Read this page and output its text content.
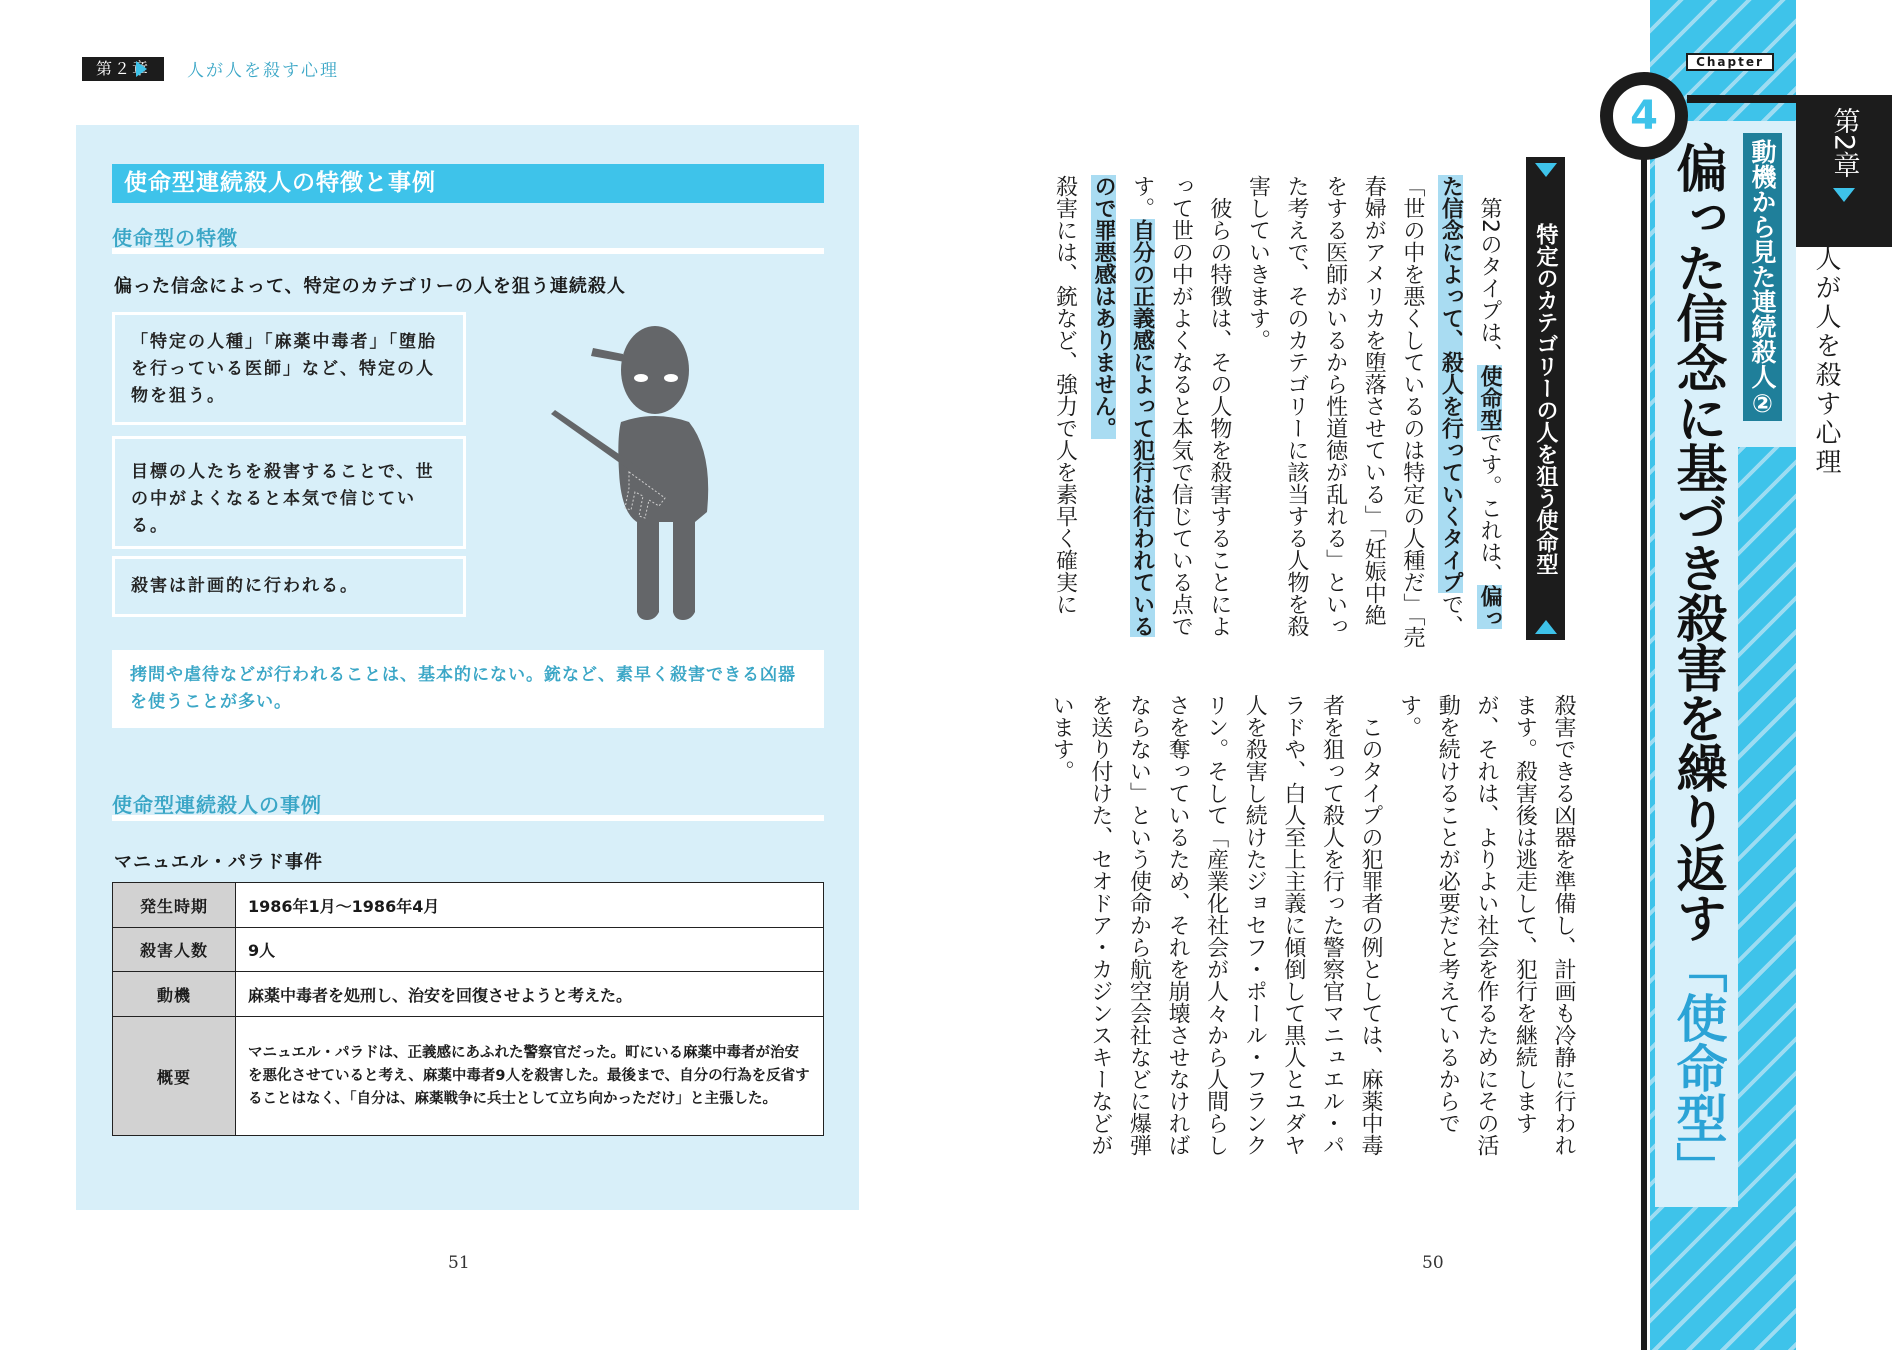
第２章	人が人を殺す心理
使命型連続殺人の特徴と事例
使命型の特徴
偏った信念によって、特定のカテゴリーの人を狙う連続殺人
「特定の人種」「麻薬中毒者」「堕胎を行っている医師」など、特定の人物を狙う。
目標の人たちを殺害することで、世の中がよくなると本気で信じている。
殺害は計画的に行われる。
拷問や虐待などが行われることは、基本的にない。銃など、素早く殺害できる凶器を使うことが多い。
使命型連続殺人の事例
マニュエル・パラド事件
発生時期	1986年1月〜1986年4月
殺害人数	9人
動機	麻薬中毒者を処刑し、治安を回復させようと考えた。
概要	マニュエル・パラドは、正義感にあふれた警察官だった。町にいる麻薬中毒者が治安を悪化させていると考え、麻薬中毒者9人を殺害した。最後まで、自分の行為を反省することはなく、「自分は、麻薬戦争に兵士として立ち向かっただけ」と主張した。
51
特定のカテゴリーの人を狙う使命型
　第2のタイプは、使命型です。これは、偏っ
た信念によって、殺人を行っていくタイプで、
「世の中を悪くしているのは特定の人種だ」「売
春婦がアメリカを堕落させている」「妊娠中絶
をする医師がいるから性道徳が乱れる」といっ
た考えで、そのカテゴリーに該当する人物を殺
害していきます。
　彼らの特徴は、その人物を殺害することによ
って世の中がよくなると本気で信じている点で
す。自分の正義感によって犯行は行われている
ので罪悪感はありません。
殺害には、銃など、強力で人を素早く確実に
殺害できる凶器を準備し、計画も冷静に行われ
ます。殺害後は逃走して、犯行を継続します
が、それは、よりよい社会を作るためにその活
動を続けることが必要だと考えているからで
す。
　このタイプの犯罪者の例としては、麻薬中毒
者を狙って殺人を行った警察官マニュエル・パ
ラドや、白人至上主義に傾倒して黒人とユダヤ
人を殺害し続けたジョセフ・ポール・フランク
リン。そして「産業化社会が人々から人間らし
さを奪っているため、それを崩壊させなければ
ならない」という使命から航空会社などに爆弾
を送り付けた、セオドア・カジンスキーなどが
います。
50
Chapter
4	第2章
人が人を殺す心理
動機から見た連続殺人②
偏った信念に基づき殺害を繰り返す「使命型」
